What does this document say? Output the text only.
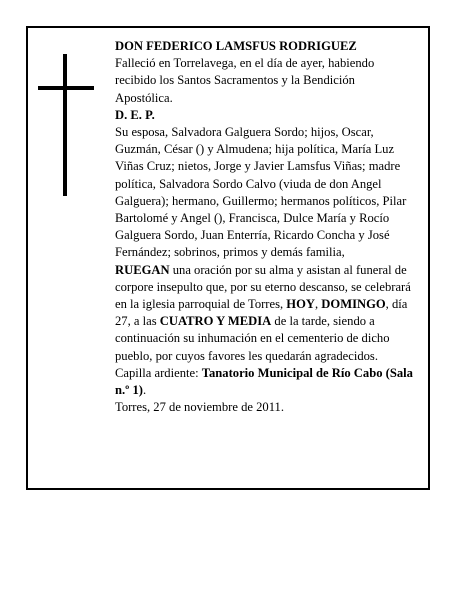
DON FEDERICO LAMSFUS RODRIGUEZ

Falleció en Torrelavega, en el día de ayer, habiendo recibido los Santos Sacramentos y la Bendición Apostólica.

D. E. P.

Su esposa, Salvadora Galguera Sordo; hijos, Oscar, Guzmán, César () y Almudena; hija política, María Luz Viñas Cruz; nietos, Jorge y Javier Lamsfus Viñas; madre política, Salvadora Sordo Calvo (viuda de don Angel Galguera); hermano, Guillermo; hermanos políticos, Pilar Bartolomé y Angel (), Francisca, Dulce María y Rocío Galguera Sordo, Juan Enterría, Ricardo Concha y José Fernández; sobrinos, primos y demás familia,

RUEGAN una oración por su alma y asistan al funeral de corpore insepulto que, por su eterno descanso, se celebrará en la iglesia parroquial de Torres, HOY, DOMINGO, día 27, a las CUATRO Y MEDIA de la tarde, siendo a continuación su inhumación en el cementerio de dicho pueblo, por cuyos favores les quedarán agradecidos.

Capilla ardiente: Tanatorio Municipal de Río Cabo (Sala n.º 1).

Torres, 27 de noviembre de 2011.
